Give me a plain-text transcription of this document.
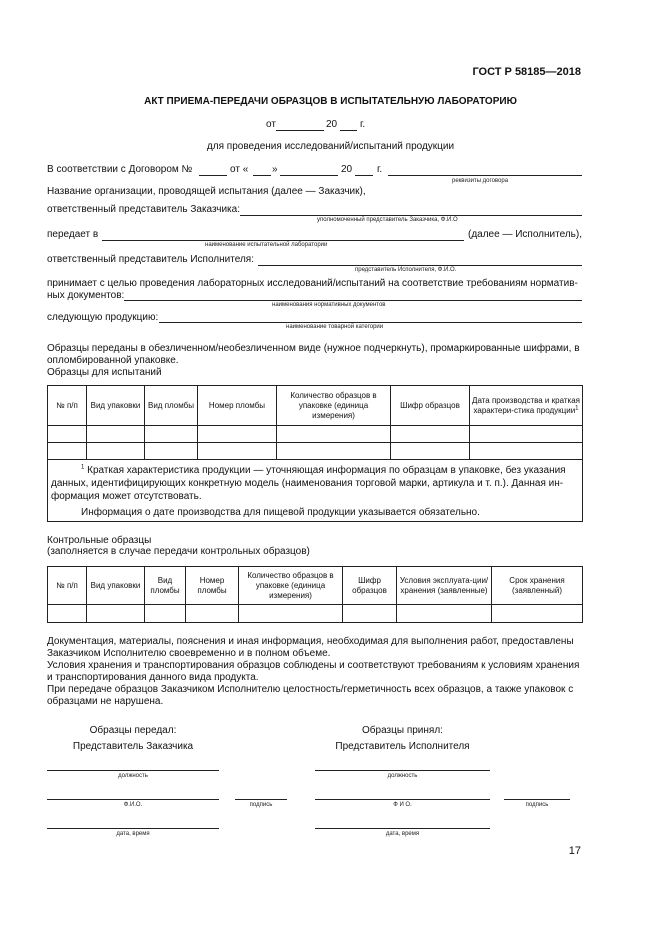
ГОСТ Р 58185—2018
АКТ ПРИЕМА-ПЕРЕДАЧИ ОБРАЗЦОВ В ИСПЫТАТЕЛЬНУЮ ЛАБОРАТОРИЮ
от	20 г.
для проведения исследований/испытаний продукции
В соответствии с Договором №	от « »	20 г.
реквизиты договора
Название организации, проводящей испытания (далее — Заказчик),
ответственный представитель Заказчика:
уполномоченный представитель Заказчика, Ф.И.О
передает в	(далее — Исполнитель),
наименование испытательной лаборатории
ответственный представитель Исполнителя:
представитель Исполнителя, Ф.И.О.
принимает с целью проведения лабораторных исследований/испытаний на соответствие требованиям норматив-
ных документов:
наименования нормативных документов
следующую продукцию:
наименование товарной категории
Образцы переданы в обезличенном/необезличенном виде (нужное подчеркнуть), промаркированные шифрами, в
опломбированной упаковке.
Образцы для испытаний
№ п/п	Вид упаковки	Вид пломбы	Номер пломбы	Количество образцов в упаковке (единица измерения)	Шифр образцов	Дата производства и краткая характери-стика продукции$^1$

$^1$ Краткая характеристика продукции — уточняющая информация по образцам в упаковке, без указания
данных, идентифицирующих конкретную модель (наименования торговой марки, артикула и т. п.). Данная ин-
формация может отсутствовать.
Информация о дате производства для пищевой продукции указывается обязательно.						
Контрольные образцы
(заполняется в случае передачи контрольных образцов)
№ п/п	Вид упаковки	Вид пломбы	Номер пломбы	Количество образцов в упаковке (единица измерения)	Шифр образцов	Условия эксплуата-ции/хранения (заявленные)	Срок хранения (заявленный)

Документация, материалы, пояснения и иная информация, необходимая для выполнения работ, предоставлены
Заказчиком Исполнителю своевременно и в полном объеме.
Условия хранения и транспортирования образцов соблюдены и соответствуют требованиям к условиям хранения
и транспортирования данного вида продукта.
При передаче образцов Заказчиком Исполнителю целостность/герметичность всех образцов, а также упаковок с
образцами не нарушена.
Образцы передал:
Представитель Заказчика
Образцы принял:
Представитель Исполнителя
должность
Ф.И.О.	подпись
дата, время
должность
Ф И О.	подпись
дата, время
17
